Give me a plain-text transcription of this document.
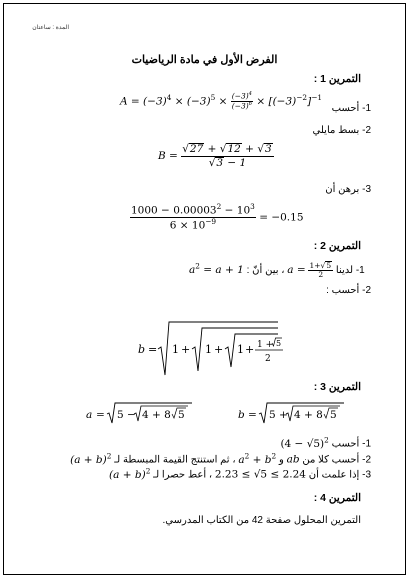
المدة : ساعتان
الفرض الأول في مادة الرياضيات
التمرين 1 :
1- أحسب
$A = (-3)^4 \times (-3)^5 \times \frac{(-3)^4}{(-3)^6} \times [(-3)^{-2}]^{-1}$
2- بسط مايلي
$B = \frac{√27 + √12 + √3}{√3 - 1}$
3- برهن أن
$\frac{1000 - 0.00003^2 - 10^3}{6 \times 10^{-9}} = -0.15$
التمرين 2 :
$a^2 = a + 1$ ، بين أنّ : $a = \frac{1+√5}{2} 1-$ لدينا
2- أحسب :
b = 1 + 1 + 1 + 1 + 5
2
التمرين 3 :
a = 5 − 4 + 8 5	b = 5 + 4 + 8 5
$(4 - √5)^2$ 1- أحسب
$(a + b)^2$ ، ثم استنتج القيمة المبسطة لـ $a^2 + b^2$ و ab 2- أحسب كلا من
$(a + b)^2$ ، أعط حصرا لـ 2.23 ≤ √5 ≤ 2.24 3- إذا علمت أن
التمرين 4 :
التمرين المحلول صفحة 42 من الكتاب المدرسي.
